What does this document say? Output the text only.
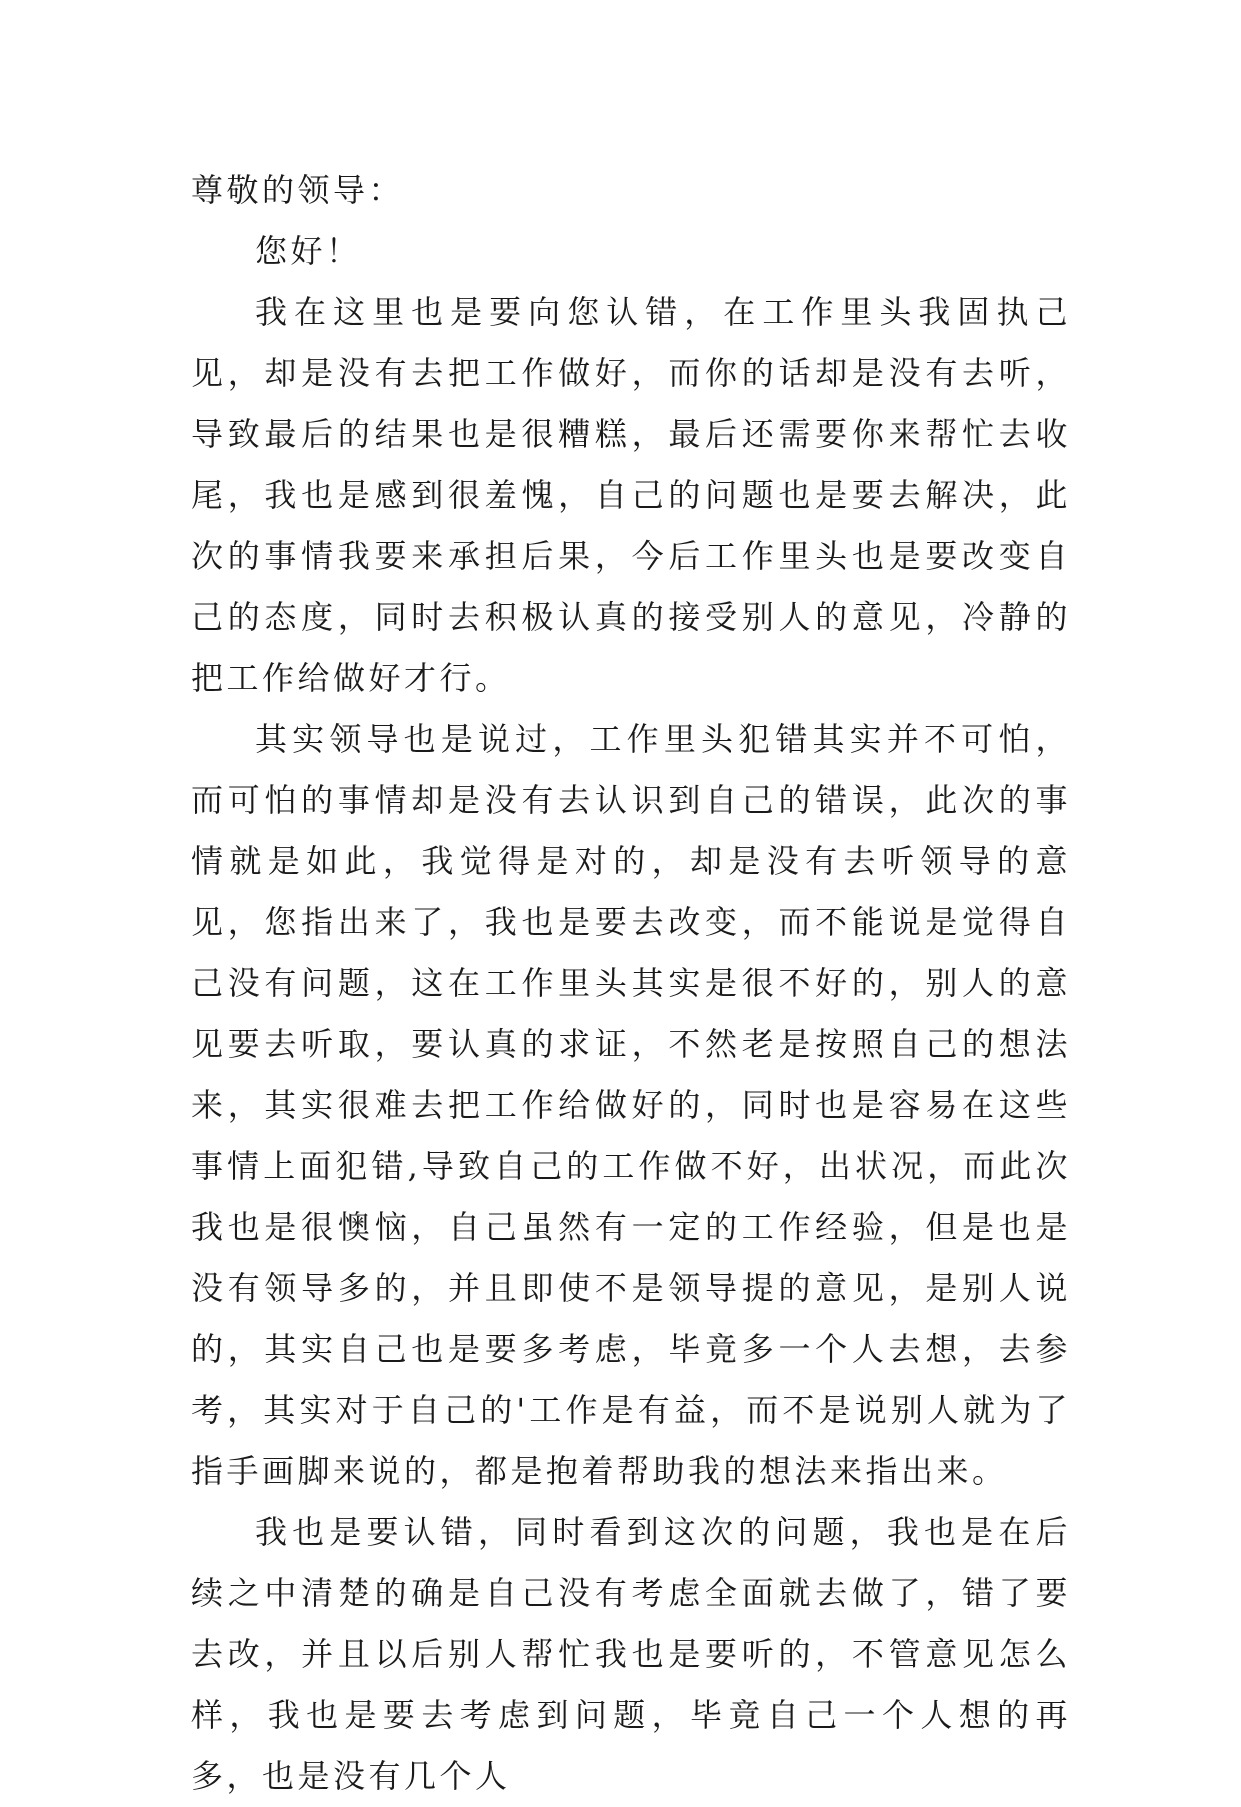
尊敬的领导：

您好！

我在这里也是要向您认错，在工作里头我固执己见，却是没有去把工作做好，而你的话却是没有去听，导致最后的结果也是很糟糕，最后还需要你来帮忙去收尾，我也是感到很羞愧，自己的问题也是要去解决，此次的事情我要来承担后果，今后工作里头也是要改变自己的态度，同时去积极认真的接受别人的意见，冷静的把工作给做好才行。

其实领导也是说过，工作里头犯错其实并不可怕，而可怕的事情却是没有去认识到自己的错误，此次的事情就是如此，我觉得是对的，却是没有去听领导的意见，您指出来了，我也是要去改变，而不能说是觉得自己没有问题，这在工作里头其实是很不好的，别人的意见要去听取，要认真的求证，不然老是按照自己的想法来，其实很难去把工作给做好的，同时也是容易在这些事情上面犯错,导致自己的工作做不好，出状况，而此次我也是很懊恼，自己虽然有一定的工作经验，但是也是没有领导多的，并且即使不是领导提的意见，是别人说的，其实自己也是要多考虑，毕竟多一个人去想，去参考，其实对于自己的'工作是有益，而不是说别人就为了指手画脚来说的，都是抱着帮助我的想法来指出来。

我也是要认错，同时看到这次的问题，我也是在后续之中清楚的确是自己没有考虑全面就去做了，错了要去改，并且以后别人帮忙我也是要听的，不管意见怎么样，我也是要去考虑到问题，毕竟自己一个人想的再多，也是没有几个人
